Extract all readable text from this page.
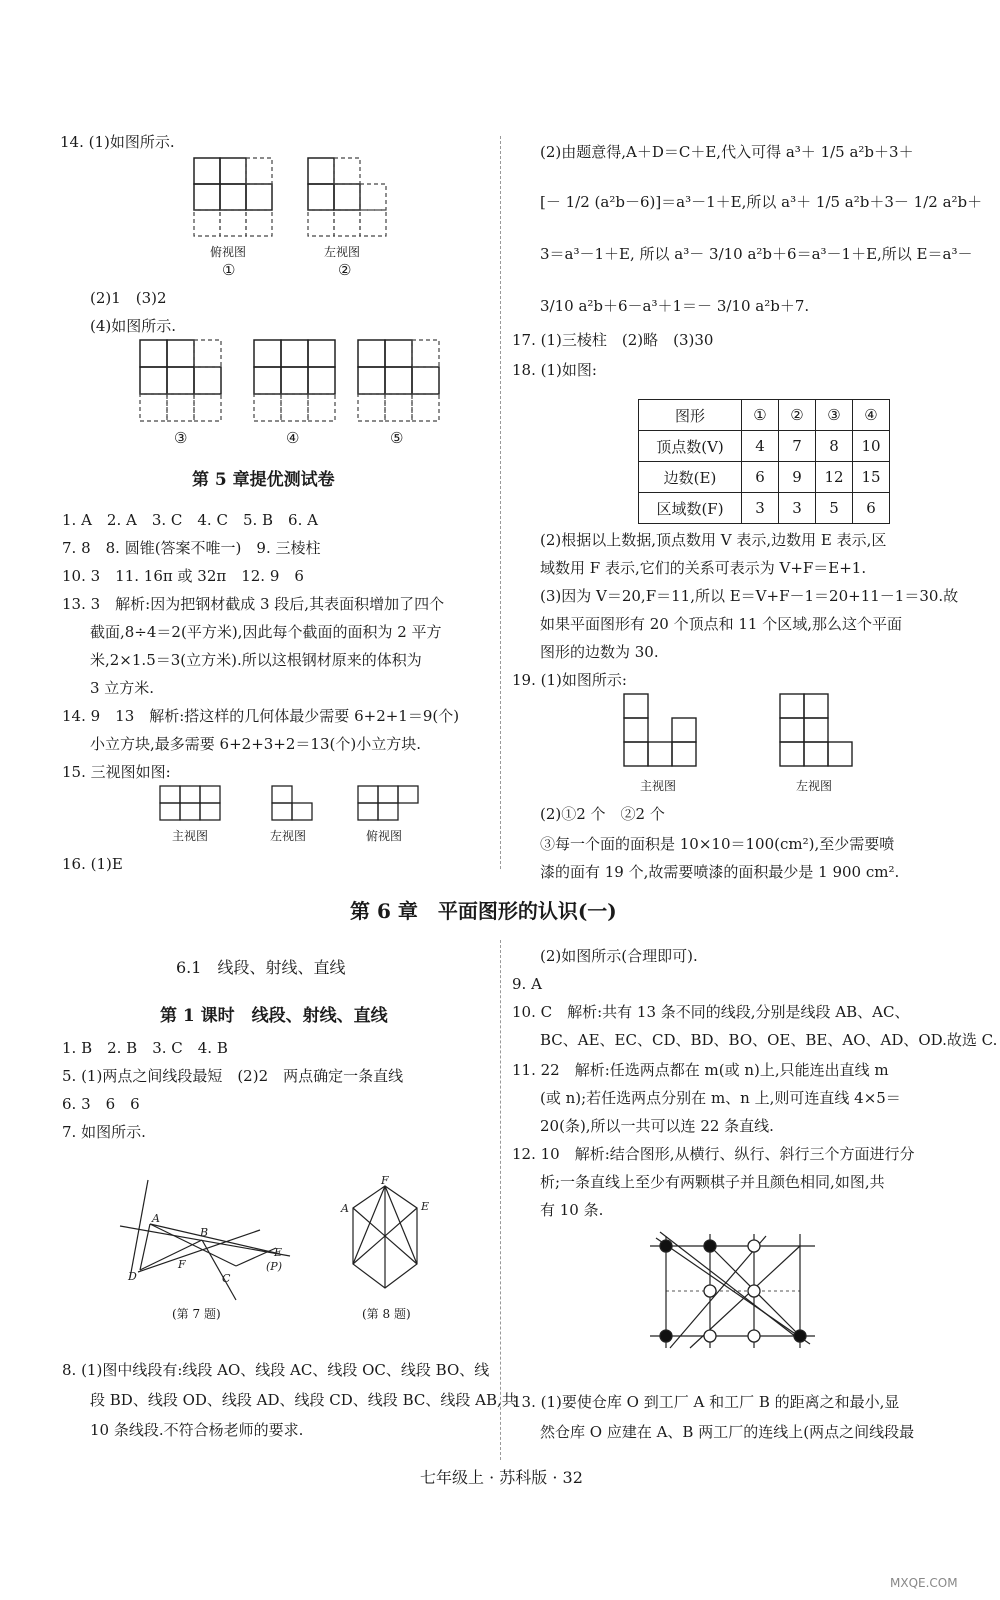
14. (1)如图所示.
俯视图	左视图
①	②
(2)1　(3)2
(4)如图所示.
③	④	⑤
第 5 章提优测试卷
1. A　2. A　3. C　4. C　5. B　6. A
7. 8　8. 圆锥(答案不唯一)　9. 三棱柱
10. 3　11. 16π 或 32π　12. 9　6
13. 3　解析:因为把钢材截成 3 段后,其表面积增加了四个
截面,8÷4＝2(平方米),因此每个截面的面积为 2 平方
米,2×1.5＝3(立方米).所以这根钢材原来的体积为
3 立方米.
14. 9　13　解析:搭这样的几何体最少需要 6+2+1＝9(个)
小立方块,最多需要 6+2+3+2＝13(个)小立方块.
15. 三视图如图:
主视图	左视图	俯视图
16. (1)E
(2)由题意得,A＋D＝C＋E,代入可得 a³＋ 1/5 a²b＋3＋
[－ 1/2 (a²b－6)]＝a³－1＋E,所以 a³＋ 1/5 a²b＋3－ 1/2 a²b＋
3＝a³－1＋E, 所以 a³－ 3/10 a²b＋6＝a³－1＋E,所以 E＝a³－
3/10 a²b＋6－a³＋1＝－ 3/10 a²b＋7.
17. (1)三棱柱　(2)略　(3)30
18. (1)如图:
图形	①	②	③	④
顶点数(V)	4	7	8	10
边数(E)	6	9	12	15
区域数(F)	3	3	5	6
(2)根据以上数据,顶点数用 V 表示,边数用 E 表示,区
域数用 F 表示,它们的关系可表示为 V+F＝E+1.
(3)因为 V＝20,F＝11,所以 E＝V+F－1＝20+11－1＝30.故
如果平面图形有 20 个顶点和 11 个区域,那么这个平面
图形的边数为 30.
19. (1)如图所示:
主视图	左视图
(2)①2 个　②2 个
③每一个面的面积是 10×10＝100(cm²),至少需要喷
漆的面有 19 个,故需要喷漆的面积最少是 1 900 cm².
第 6 章　平面图形的认识(一)
6.1　线段、射线、直线
第 1 课时　线段、射线、直线
1. B　2. B　3. C　4. B
5. (1)两点之间线段最短　(2)2　两点确定一条直线
6. 3　6　6
7. 如图所示.
A
B
D
F
C
E
(P)
(第 7 题)
F
E
A
(第 8 题)
8. (1)图中线段有:线段 AO、线段 AC、线段 OC、线段 BO、线
段 BD、线段 OD、线段 AD、线段 CD、线段 BC、线段 AB,共
10 条线段.不符合杨老师的要求.
(2)如图所示(合理即可).
9. A
10. C　解析:共有 13 条不同的线段,分别是线段 AB、AC、
BC、AE、EC、CD、BD、BO、OE、BE、AO、AD、OD.故选 C.
11. 22　解析:任选两点都在 m(或 n)上,只能连出直线 m
(或 n);若任选两点分别在 m、n 上,则可连直线 4×5＝
20(条),所以一共可以连 22 条直线.
12. 10　解析:结合图形,从横行、纵行、斜行三个方面进行分
析;一条直线上至少有两颗棋子并且颜色相同,如图,共
有 10 条.
13. (1)要使仓库 O 到工厂 A 和工厂 B 的距离之和最小,显
然仓库 O 应建在 A、B 两工厂的连线上(两点之间线段最
七年级上 · 苏科版 · 32
MXQE.COM
